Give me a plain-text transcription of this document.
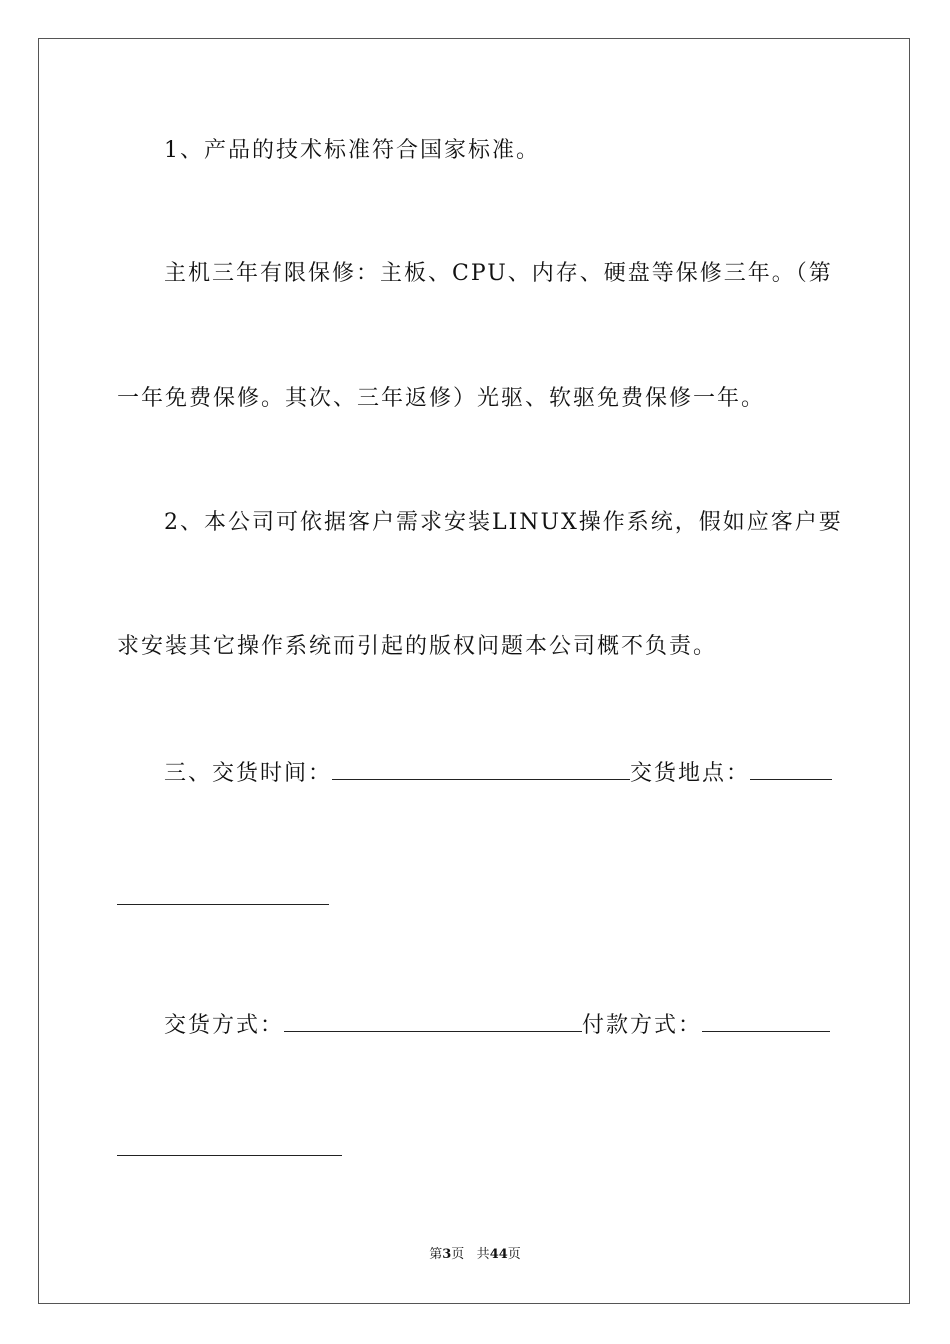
1、产品的技术标准符合国家标准。
主机三年有限保修：主板、CPU、内存、硬盘等保修三年。（第
一年免费保修。其次、三年返修）光驱、软驱免费保修一年。
2、本公司可依据客户需求安装LINUX操作系统，假如应客户要
求安装其它操作系统而引起的版权问题本公司概不负责。
三、交货时间：	交货地点：
交货方式：	付款方式：
第3页 共44页
